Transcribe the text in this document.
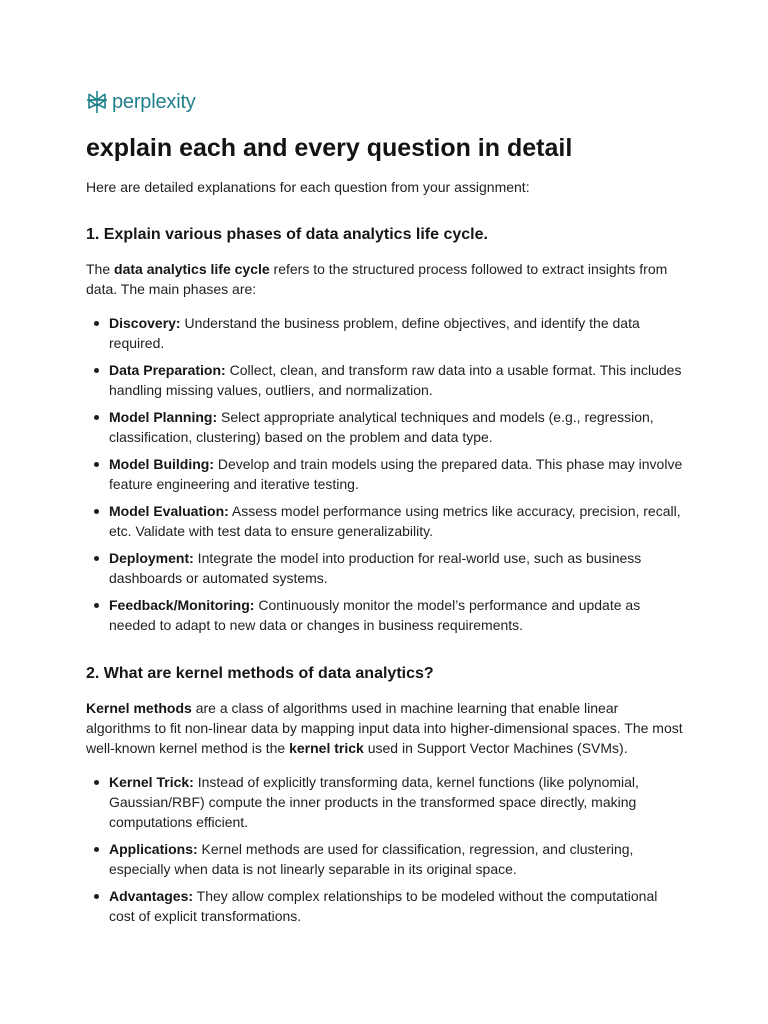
perplexity
explain each and every question in detail

Here are detailed explanations for each question from your assignment:

1. Explain various phases of data analytics life cycle.

The data analytics life cycle refers to the structured process followed to extract insights from data. The main phases are:

Discovery: Understand the business problem, define objectives, and identify the data required.
Data Preparation: Collect, clean, and transform raw data into a usable format. This includes handling missing values, outliers, and normalization.
Model Planning: Select appropriate analytical techniques and models (e.g., regression, classification, clustering) based on the problem and data type.
Model Building: Develop and train models using the prepared data. This phase may involve feature engineering and iterative testing.
Model Evaluation: Assess model performance using metrics like accuracy, precision, recall, etc. Validate with test data to ensure generalizability.
Deployment: Integrate the model into production for real-world use, such as business dashboards or automated systems.
Feedback/Monitoring: Continuously monitor the model’s performance and update as needed to adapt to new data or changes in business requirements.
2. What are kernel methods of data analytics?

Kernel methods are a class of algorithms used in machine learning that enable linear algorithms to fit non-linear data by mapping input data into higher-dimensional spaces. The most well-known kernel method is the kernel trick used in Support Vector Machines (SVMs).

Kernel Trick: Instead of explicitly transforming data, kernel functions (like polynomial, Gaussian/RBF) compute the inner products in the transformed space directly, making computations efficient.
Applications: Kernel methods are used for classification, regression, and clustering, especially when data is not linearly separable in its original space.
Advantages: They allow complex relationships to be modeled without the computational cost of explicit transformations.
